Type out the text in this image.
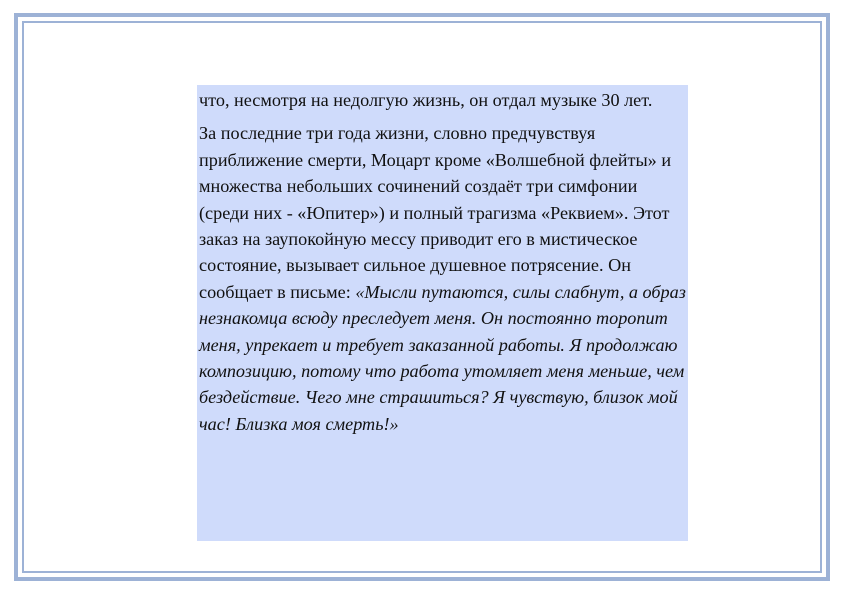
что, несмотря на недолгую жизнь, он отдал музыке 30 лет.

За последние три года жизни, словно предчувствуя приближение смерти, Моцарт кроме «Волшебной флейты» и множества небольших сочинений создаёт три симфонии (среди них - «Юпитер») и полный трагизма «Реквием». Этот заказ на заупокойную мессу приводит его в мистическое состояние, вызывает сильное душевное потрясение. Он сообщает в письме: «Мысли путаются, силы слабнут, а образ незнакомца всюду преследует меня. Он постоянно торопит меня, упрекает и требует заказанной работы. Я продолжаю композицию, потому что работа утомляет меня меньше, чем бездействие. Чего мне страшиться? Я чувствую, близок мой час! Близка моя смерть!»
